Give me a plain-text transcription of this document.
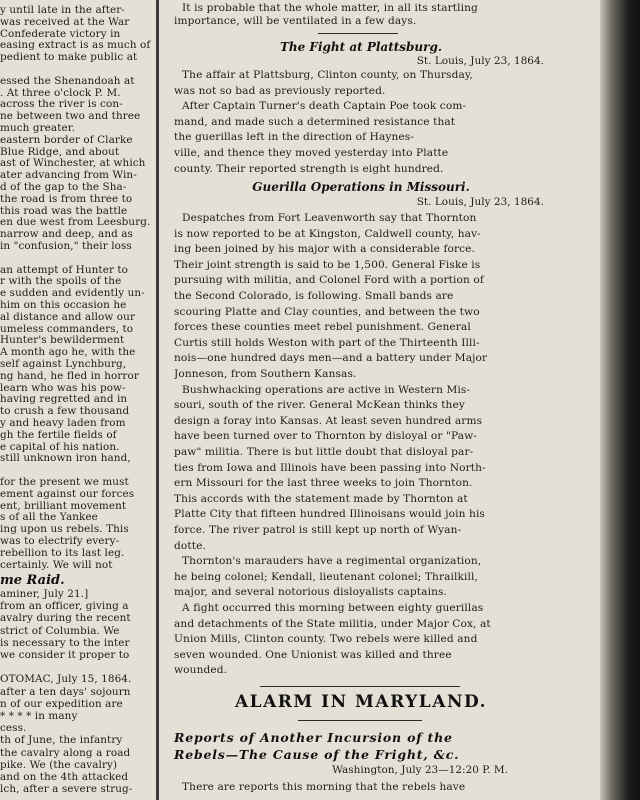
y until late in the after-
was received at the War
Confederate victory in
easing extract is as much of
pedient to make public at
essed the Shenandoah at
. At three o'clock P. M.
across the river is con-
ne between two and three
much greater.
eastern border of Clarke
Blue Ridge, and about
ast of Winchester, at which
ater advancing from Win-
d of the gap to the Sha-
the road is from three to
this road was the battle
en due west from Leesburg.
narrow and deep, and as
in "confusion," their loss
an attempt of Hunter to
r with the spoils of the
e sudden and evidently un-
him on this occasion he
al distance and allow our
umeless commanders, to
Hunter's bewilderment
A month ago he, with the
self against Lynchburg,
ng hand, he fled in horror
learn who was his pow-
having regretted and in
to crush a few thousand
y and heavy laden from
gh the fertile fields of
e capital of his nation.
still unknown iron hand,
for the present we must
ement against our forces
ent, brilliant movement
s of all the Yankee
ing upon us rebels. This
was to electrify every-
rebellion to its last leg.
certainly. We will not
me Raid.
aminer, July 21.]
from an officer, giving a
avalry during the recent
strict of Columbia. We
is necessary to the inter
we consider it proper to
OTOMAC, July 15, 1864.
after a ten days' sojourn
n of our expedition are
* * * * in many
cess.
th of June, the infantry
the cavalry along a road
pike. We (the cavalry)
and on the 4th attacked
lch, after a severe strug-
It is probable that the whole matter, in all its startling
importance, will be ventilated in a few days.
The Fight at Plattsburg.
St. Louis, July 23, 1864.
The affair at Plattsburg, Clinton county, on Thursday,
was not so bad as previously reported.
After Captain Turner's death Captain Poe took com-
mand, and made such a determined resistance that
the guerillas left in the direction of Haynes-
ville, and thence they moved yesterday into Platte
county. Their reported strength is eight hundred.
Guerilla Operations in Missouri.
St. Louis, July 23, 1864.
Despatches from Fort Leavenworth say that Thornton
is now reported to be at Kingston, Caldwell county, hav-
ing been joined by his major with a considerable force.
Their joint strength is said to be 1,500. General Fiske is
pursuing with militia, and Colonel Ford with a portion of
the Second Colorado, is following. Small bands are
scouring Platte and Clay counties, and between the two
forces these counties meet rebel punishment. General
Curtis still holds Weston with part of the Thirteenth Illi-
nois—one hundred days men—and a battery under Major
Jonneson, from Southern Kansas.
Bushwhacking operations are active in Western Mis-
souri, south of the river. General McKean thinks they
design a foray into Kansas. At least seven hundred arms
have been turned over to Thornton by disloyal or "Paw-
paw" militia. There is but little doubt that disloyal par-
ties from Iowa and Illinois have been passing into North-
ern Missouri for the last three weeks to join Thornton.
This accords with the statement made by Thornton at
Platte City that fifteen hundred Illinoisans would join his
force. The river patrol is still kept up north of Wyan-
dotte.
Thornton's marauders have a regimental organization,
he being colonel; Kendall, lieutenant colonel; Thrailkill,
major, and several notorious disloyalists captains.
A fight occurred this morning between eighty guerillas
and detachments of the State militia, under Major Cox, at
Union Mills, Clinton county. Two rebels were killed and
seven wounded. One Unionist was killed and three
wounded.
ALARM IN MARYLAND.
Reports of Another Incursion of the
Rebels—The Cause of the Fright, &c.
Washington, July 23—12:20 P. M.
There are reports this morning that the rebels have
